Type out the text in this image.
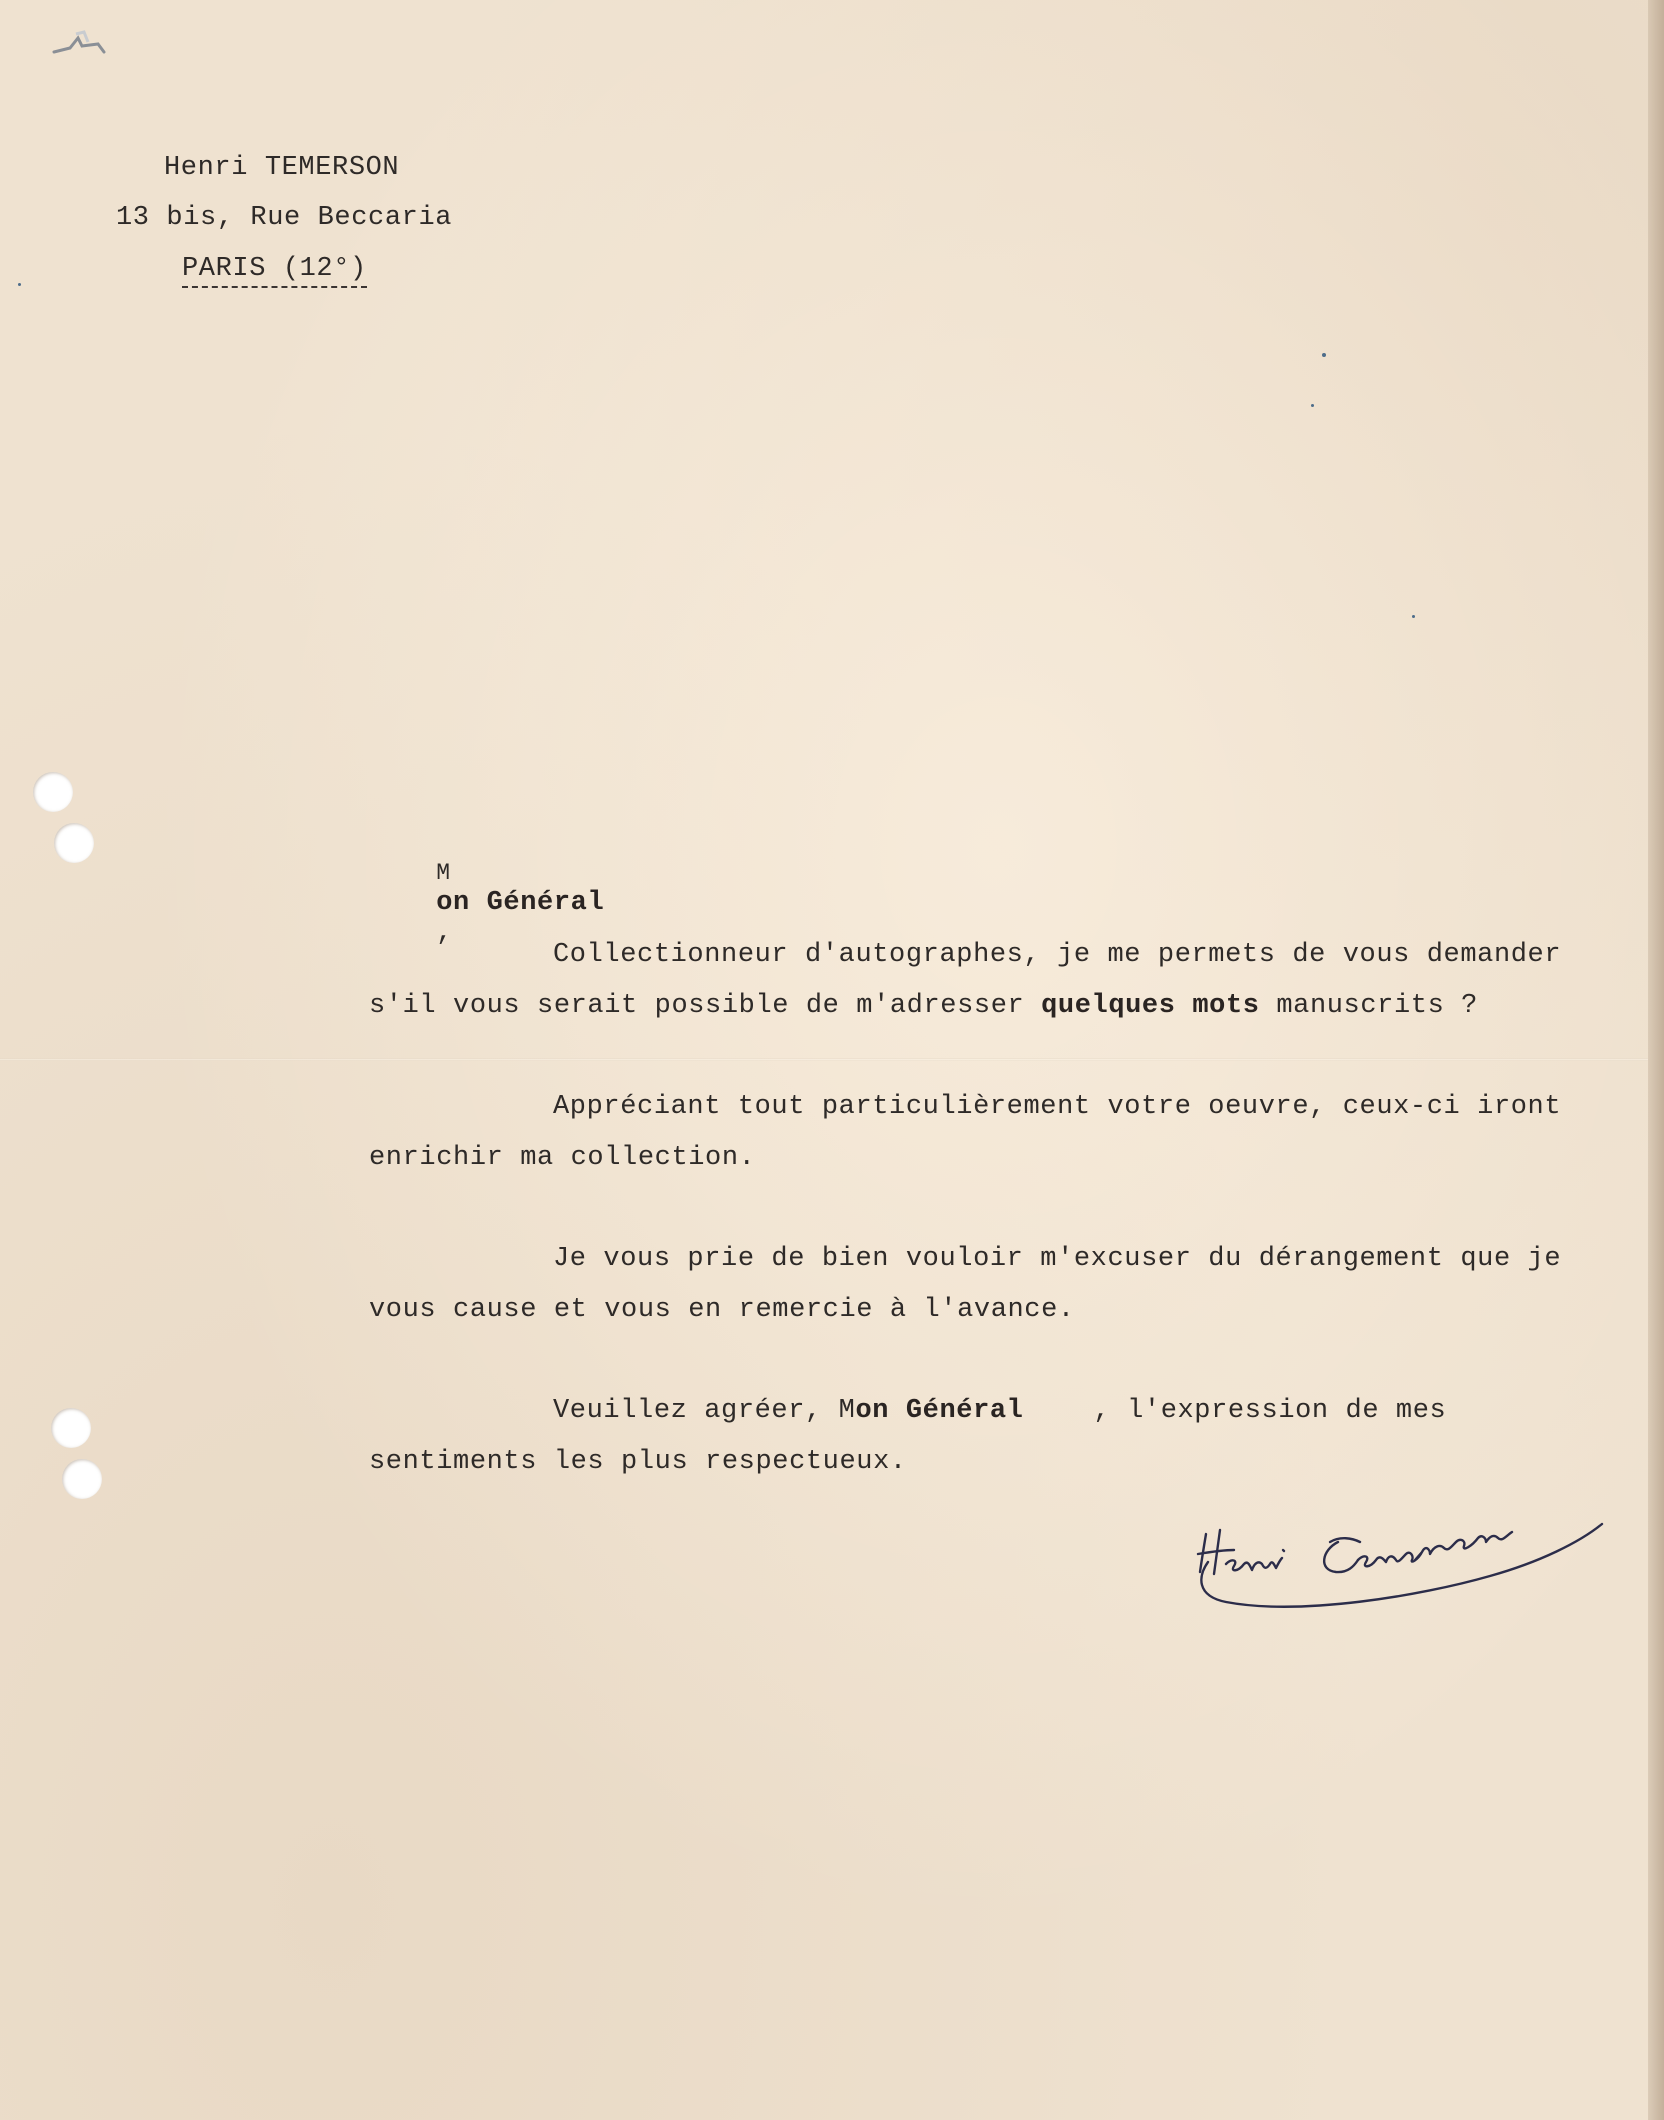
Henri TEMERSON
13 bis, Rue Beccaria
PARIS (12°)

M
on Général
,

Collectionneur d'autographes, je me permets de vous demander
s'il vous serait possible de m'adresser quelques mots manuscrits ?
Appréciant tout particulièrement votre oeuvre, ceux-ci iront
enrichir ma collection.
Je vous prie de bien vouloir m'excuser du dérangement que je
vous cause et vous en remercie à l'avance.
Veuillez agréer, Mon Général	, l'expression de mes
sentiments les plus respectueux.
